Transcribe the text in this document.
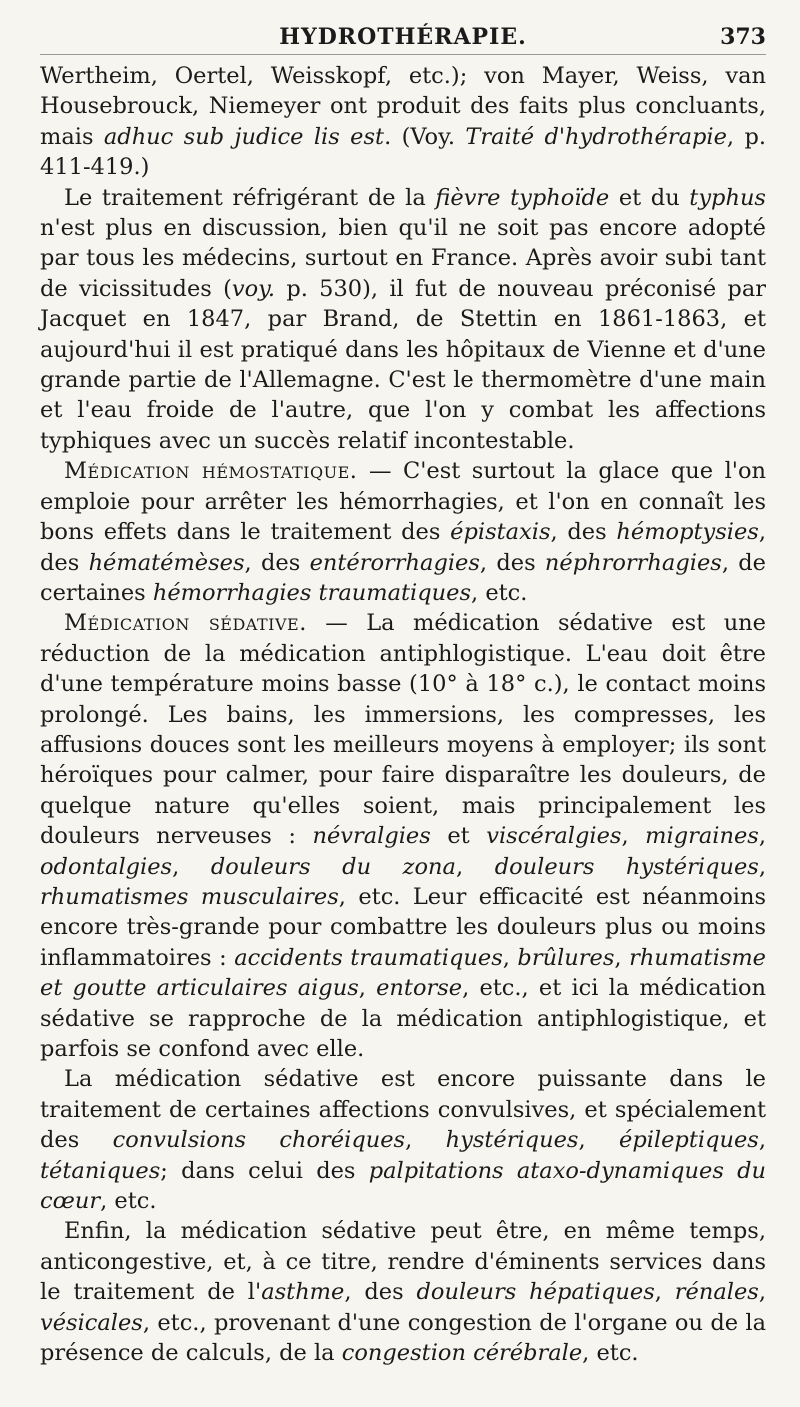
HYDROTHÉRAPIE.	373

Wertheim, Oertel, Weisskopf, etc.); von Mayer, Weiss, van Housebrouck, Niemeyer ont produit des faits plus concluants, mais adhuc sub judice lis est. (Voy. Traité d'hydrothérapie, p. 411-419.)

Le traitement réfrigérant de la fièvre typhoïde et du typhus n'est plus en discussion, bien qu'il ne soit pas encore adopté par tous les médecins, surtout en France. Après avoir subi tant de vicissitudes (voy. p. 530), il fut de nouveau préconisé par Jacquet en 1847, par Brand, de Stettin en 1861-1863, et aujourd'hui il est pratiqué dans les hôpitaux de Vienne et d'une grande partie de l'Allemagne. C'est le thermomètre d'une main et l'eau froide de l'autre, que l'on y combat les affections typhiques avec un succès relatif incontestable.

Médication hémostatique. — C'est surtout la glace que l'on emploie pour arrêter les hémorrhagies, et l'on en connaît les bons effets dans le traitement des épistaxis, des hémoptysies, des hématémèses, des entérorrhagies, des néphrorrhagies, de certaines hémorrhagies traumatiques, etc.

Médication sédative. — La médication sédative est une réduction de la médication antiphlogistique. L'eau doit être d'une température moins basse (10° à 18° c.), le contact moins prolongé. Les bains, les immersions, les compresses, les affusions douces sont les meilleurs moyens à employer; ils sont héroïques pour calmer, pour faire disparaître les douleurs, de quelque nature qu'elles soient, mais principalement les douleurs nerveuses : névralgies et viscéralgies, migraines, odontalgies, douleurs du zona, douleurs hystériques, rhumatismes musculaires, etc. Leur efficacité est néanmoins encore très-grande pour combattre les douleurs plus ou moins inflammatoires : accidents traumatiques, brûlures, rhumatisme et goutte articulaires aigus, entorse, etc., et ici la médication sédative se rapproche de la médication antiphlogistique, et parfois se confond avec elle.

La médication sédative est encore puissante dans le traitement de certaines affections convulsives, et spécialement des convulsions choréiques, hystériques, épileptiques, tétaniques; dans celui des palpitations ataxo-dynamiques du cœur, etc.

Enfin, la médication sédative peut être, en même temps, anticongestive, et, à ce titre, rendre d'éminents services dans le traitement de l'asthme, des douleurs hépatiques, rénales, vésicales, etc., provenant d'une congestion de l'organe ou de la présence de calculs, de la congestion cérébrale, etc.
